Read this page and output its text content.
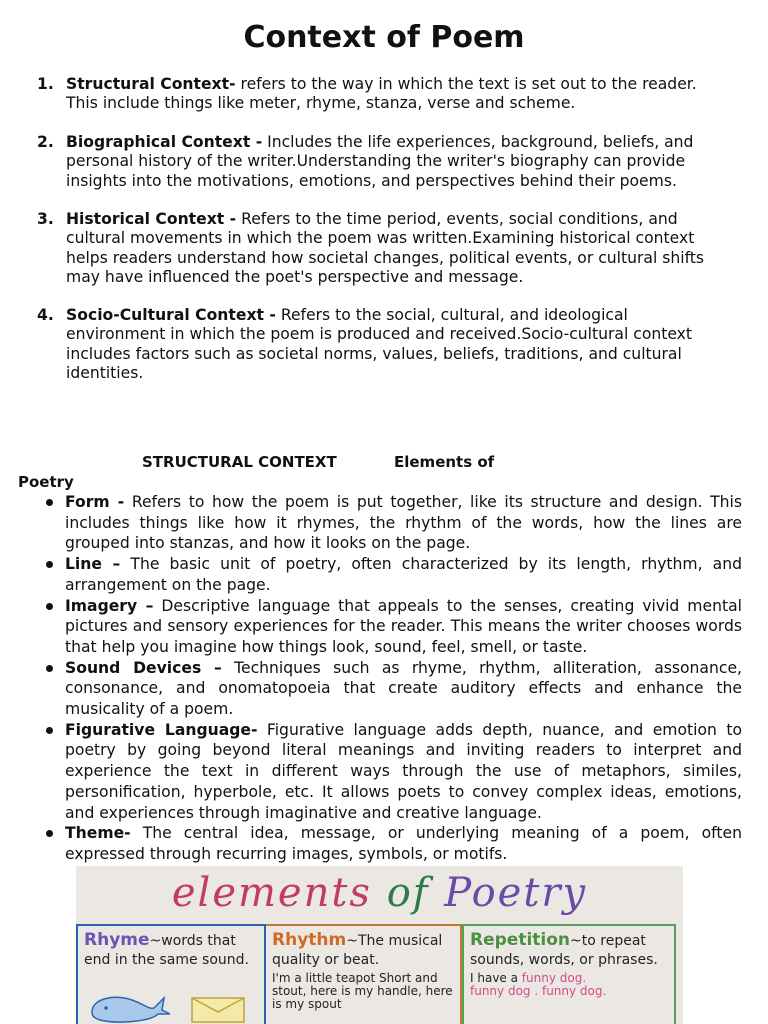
Context of Poem
1. Structural Context- refers to the way in which the text is set out to the reader. This include things like meter, rhyme, stanza, verse and scheme.
2. Biographical Context - Includes the life experiences, background, beliefs, and personal history of the writer.Understanding the writer's biography can provide insights into the motivations, emotions, and perspectives behind their poems.
3. Historical Context - Refers to the time period, events, social conditions, and cultural movements in which the poem was written.Examining historical context helps readers understand how societal changes, political events, or cultural shifts may have influenced the poet's perspective and message.
4. Socio-Cultural Context - Refers to the social, cultural, and ideological environment in which the poem is produced and received.Socio-cultural context includes factors such as societal norms, values, beliefs, traditions, and cultural identities.
STRUCTURAL CONTEXT	Elements of
Poetry
Form - Refers to how the poem is put together, like its structure and design. This includes things like how it rhymes, the rhythm of the words, how the lines are grouped into stanzas, and how it looks on the page.
Line – The basic unit of poetry, often characterized by its length, rhythm, and arrangement on the page.
Imagery – Descriptive language that appeals to the senses, creating vivid mental pictures and sensory experiences for the reader. This means the writer chooses words that help you imagine how things look, sound, feel, smell, or taste.
Sound Devices – Techniques such as rhyme, rhythm, alliteration, assonance, consonance, and onomatopoeia that create auditory effects and enhance the musicality of a poem.
Figurative Language- Figurative language adds depth, nuance, and emotion to poetry by going beyond literal meanings and inviting readers to interpret and experience the text in different ways through the use of metaphors, similes, personification, hyperbole, etc. It allows poets to convey complex ideas, emotions, and experiences through imaginative and creative language.
Theme- The central idea, message, or underlying meaning of a poem, often expressed through recurring images, symbols, or motifs.
elements of Poetry
Rhyme~words that end in the same sound.
Rhythm~The musical quality or beat.
I'm a little teapot Short and stout, here is my handle, here is my spout
Repetition~to repeat sounds, words, or phrases.
I have a funny dog.
funny dog . funny dog.
